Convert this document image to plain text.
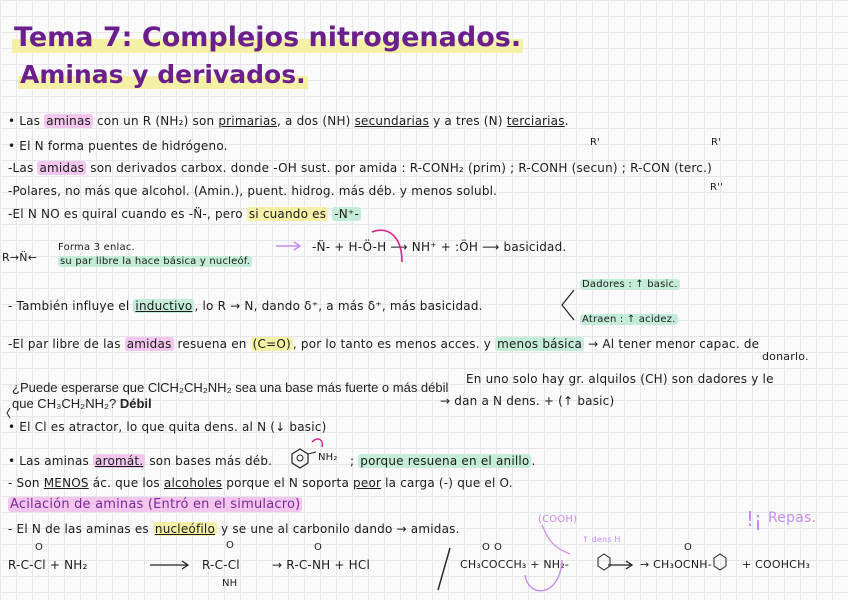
Tema 7: Complejos nitrogenados.
Aminas y derivados.
• Las aminas con un R (NH₂) son primarias, a dos (NH) secundarias y a tres (N) terciarias.
• El N forma puentes de hidrógeno.	R'	R'
-Las amidas son derivados carbox. donde -OH sust. por amida : R-CONH₂ (prim) ; R-CONH (secun) ; R-CON (terc.)
R''
-Polares, no más que alcohol. (Amin.), puent. hidrog. más déb. y menos solubl.
-El N NO es quiral cuando es -N̈-, pero si cuando es -N⁺-
R→N̈←
Forma 3 enlac.
su par libre la hace básica y nucleóf.
-N̈- + H-Ö-H ⟶ NH⁺ + :ÖH ⟶ basicidad.
- También influye el inductivo , lo R → N, dando δ⁺, a más δ⁺, más basicidad.
Dadores : ↑ basic.
Atraen : ↑ acidez.
-El par libre de las amidas resuena en (C=O) , por lo tanto es menos acces. y menos básica → Al tener menor capac. de
donarlo.
¿Puede esperarse que ClCH₂CH₂NH₂ sea una base más fuerte o más débil
que CH₃CH₂NH₂? Débil
En uno solo hay gr. alquilos (CH) son dadores y le
→ dan a N dens. + (↑ basic)
• El Cl es atractor, lo que quita dens. al N (↓ basic)
• Las aminas aromát. son bases más déb.	NH₂ ; porque resuena en el anillo .
- Son MENOS ác. que los alcoholes porque el N soporta peor la carga (-) que el O.
Acilación de aminas (Entró en el simulacro)
- El N de las aminas es nucleófilo y se une al carbonilo dando → amidas.
Repas.
O
R-C-Cl + NH₂
O
R-C-Cl
NH
O
→ R-C-NH + HCl
(COOH)
↑ dens H
O O
CH₃COCCH₃ + NH₂-
O
→ CH₃OCNH-	+ COOHCH₃
!¡
